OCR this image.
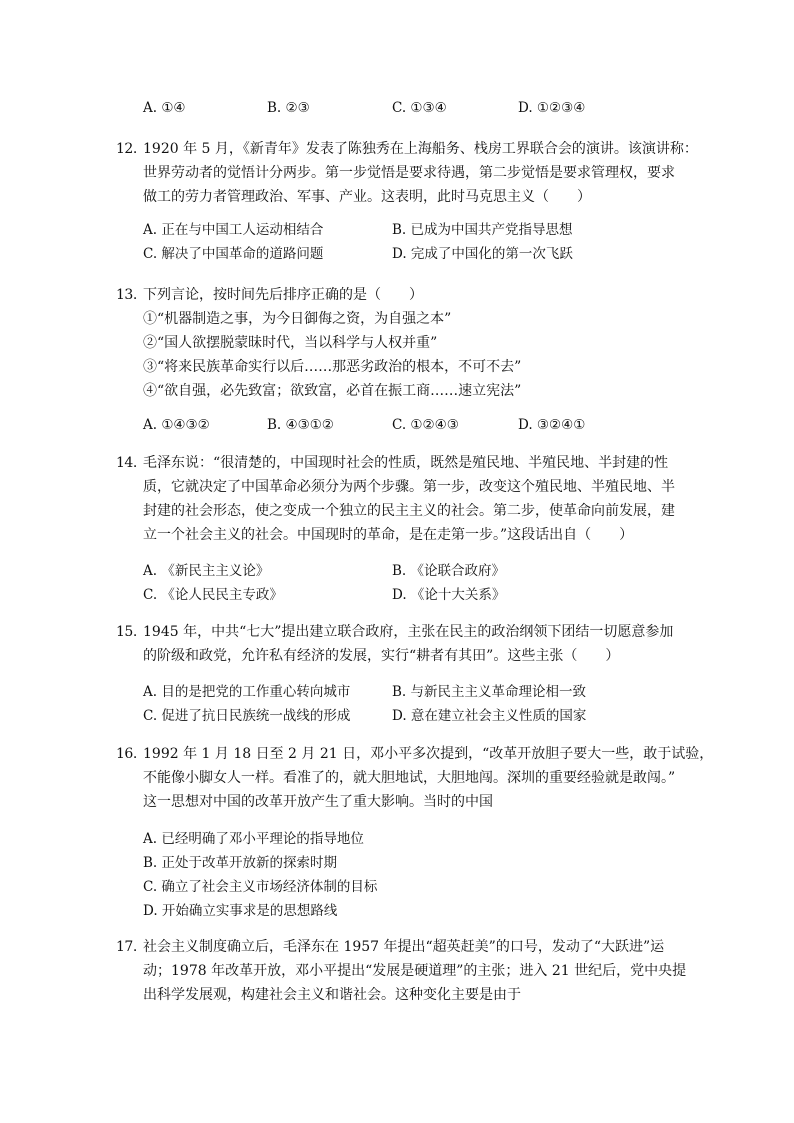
A. ①④	B. ②③	C. ①③④	D. ①②③④
12. 1920 年 5 月，《新青年》发表了陈独秀在上海船务、栈房工界联合会的演讲。该演讲称：
世界劳动者的觉悟计分两步。第一步觉悟是要求待遇，第二步觉悟是要求管理权，要求
做工的劳力者管理政治、军事、产业。这表明，此时马克思主义（　　）
A. 正在与中国工人运动相结合	B. 已成为中国共产党指导思想
C. 解决了中国革命的道路问题	D. 完成了中国化的第一次飞跃
13. 下列言论，按时间先后排序正确的是（　　）
①“机器制造之事，为今日御侮之资，为自强之本”
②“国人欲摆脱蒙昧时代，当以科学与人权并重”
③“将来民族革命实行以后……那恶劣政治的根本，不可不去”
④“欲自强，必先致富；欲致富，必首在振工商……速立宪法”
A. ①④③②	B. ④③①②	C. ①②④③	D. ③②④①
14. 毛泽东说：“很清楚的，中国现时社会的性质，既然是殖民地、半殖民地、半封建的性
质，它就决定了中国革命必须分为两个步骤。第一步，改变这个殖民地、半殖民地、半
封建的社会形态，使之变成一个独立的民主主义的社会。第二步，使革命向前发展，建
立一个社会主义的社会。中国现时的革命，是在走第一步。”这段话出自（　　）
A. 《新民主主义论》	B. 《论联合政府》
C. 《论人民民主专政》	D. 《论十大关系》
15. 1945 年，中共“七大”提出建立联合政府，主张在民主的政治纲领下团结一切愿意参加
的阶级和政党，允许私有经济的发展，实行“耕者有其田”。这些主张（　　）
A. 目的是把党的工作重心转向城市	B. 与新民主主义革命理论相一致
C. 促进了抗日民族统一战线的形成	D. 意在建立社会主义性质的国家
16. 1992 年 1 月 18 日至 2 月 21 日，邓小平多次提到，“改革开放胆子要大一些，敢于试验，
不能像小脚女人一样。看准了的，就大胆地试，大胆地闯。深圳的重要经验就是敢闯。”
这一思想对中国的改革开放产生了重大影响。当时的中国
A. 已经明确了邓小平理论的指导地位
B. 正处于改革开放新的探索时期
C. 确立了社会主义市场经济体制的目标
D. 开始确立实事求是的思想路线
17. 社会主义制度确立后，毛泽东在 1957 年提出“超英赶美”的口号，发动了“大跃进”运
动；1978 年改革开放，邓小平提出“发展是硬道理”的主张；进入 21 世纪后，党中央提
出科学发展观，构建社会主义和谐社会。这种变化主要是由于
